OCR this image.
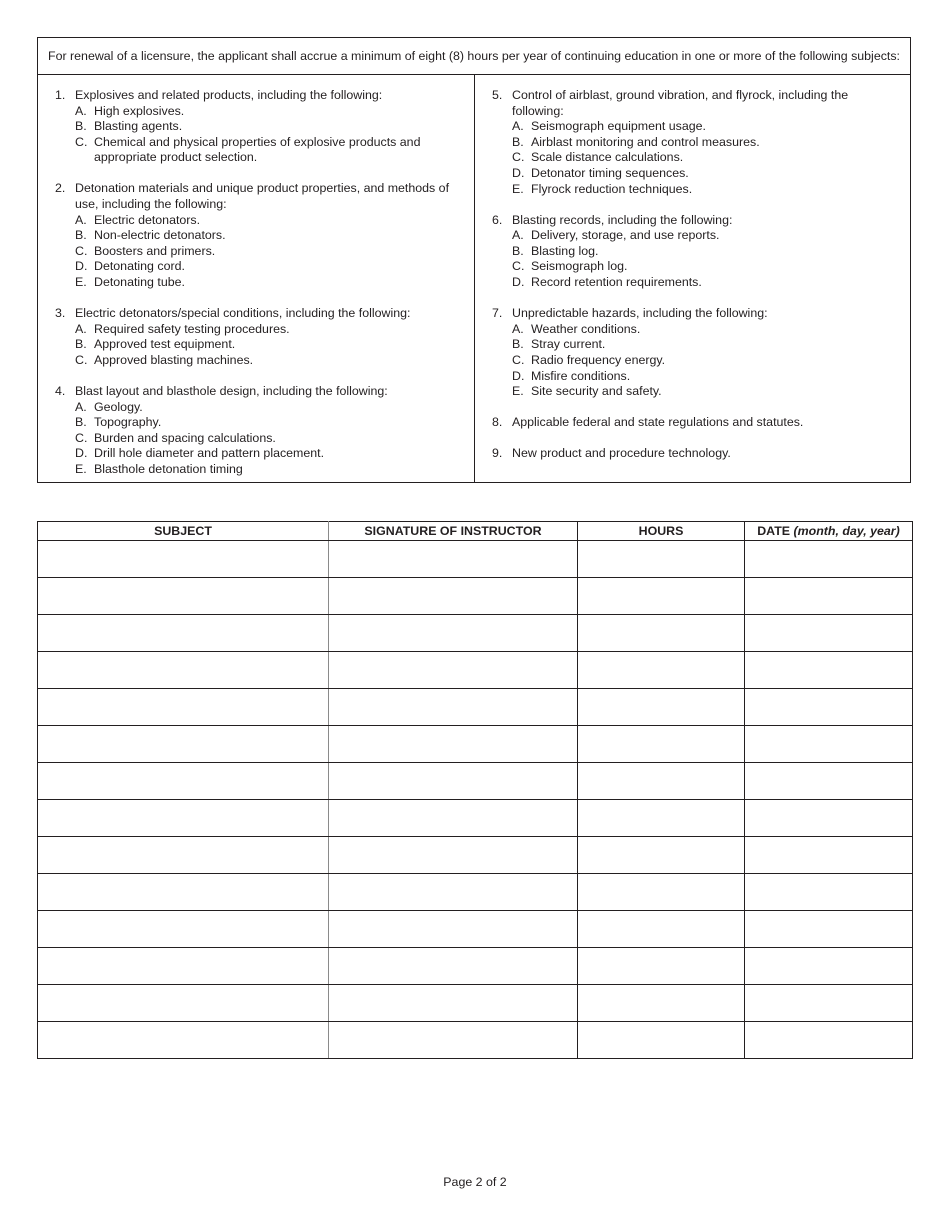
For renewal of a licensure, the applicant shall accrue a minimum of eight (8) hours per year of continuing education in one or more of the following subjects:
1. Explosives and related products, including the following:
A. High explosives.
B. Blasting agents.
C. Chemical and physical properties of explosive products and appropriate product selection.
2. Detonation materials and unique product properties, and methods of use, including the following:
A. Electric detonators.
B. Non-electric detonators.
C. Boosters and primers.
D. Detonating cord.
E. Detonating tube.
3. Electric detonators/special conditions, including the following:
A. Required safety testing procedures.
B. Approved test equipment.
C. Approved blasting machines.
4. Blast layout and blasthole design, including the following:
A. Geology.
B. Topography.
C. Burden and spacing calculations.
D. Drill hole diameter and pattern placement.
E. Blasthole detonation timing
5. Control of airblast, ground vibration, and flyrock, including the following:
A. Seismograph equipment usage.
B. Airblast monitoring and control measures.
C. Scale distance calculations.
D. Detonator timing sequences.
E. Flyrock reduction techniques.
6. Blasting records, including the following:
A. Delivery, storage, and use reports.
B. Blasting log.
C. Seismograph log.
D. Record retention requirements.
7. Unpredictable hazards, including the following:
A. Weather conditions.
B. Stray current.
C. Radio frequency energy.
D. Misfire conditions.
E. Site security and safety.
8. Applicable federal and state regulations and statutes.
9. New product and procedure technology.
SUBJECT	SIGNATURE OF INSTRUCTOR	HOURS	DATE (month, day, year)

Page 2 of 2
